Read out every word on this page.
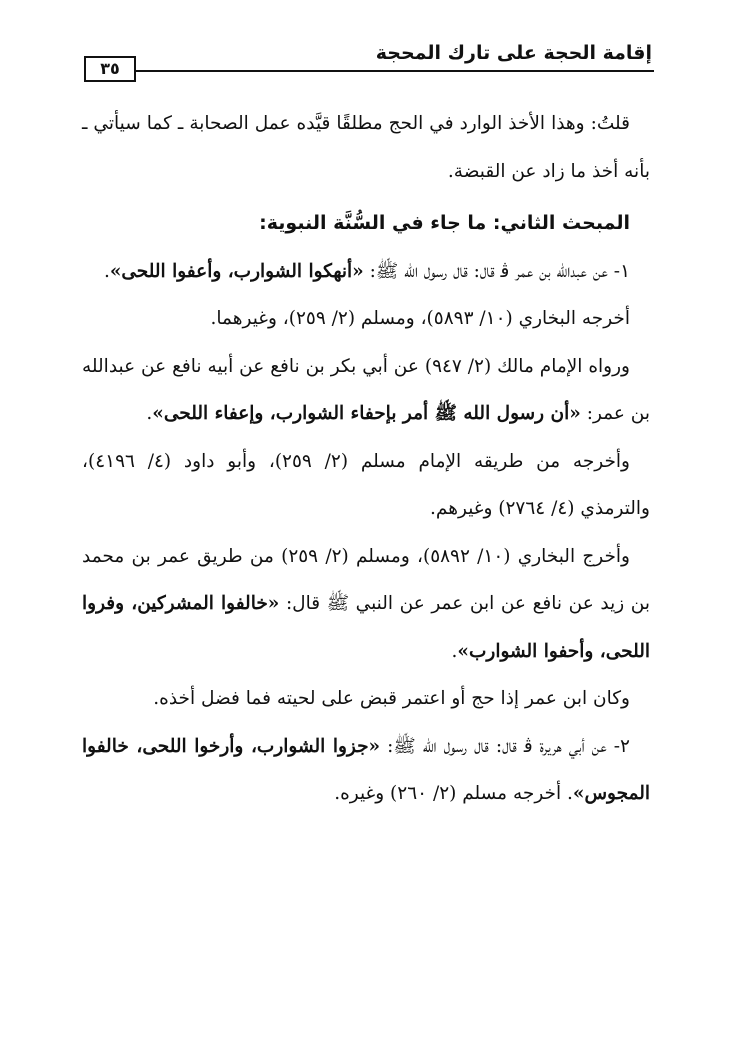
إقامة الحجة على تارك المحجة
٣٥

قلتُ: وهذا الأخذ الوارد في الحج مطلقًا قيَّده عمل الصحابة ـ كما سيأتي ـ بأنه أخذ ما زاد عن القبضة.

المبحث الثاني: ما جاء في السُّنَّة النبوية:

١- عن عبدالله بن عمر ﭬ قال: قال رسول الله ﷺ: «أنهكوا الشوارب، وأعفوا اللحى».

أخرجه البخاري (١٠/ ٥٨٩٣)، ومسلم (٢/ ٢٥٩)، وغيرهما.

ورواه الإمام مالك (٢/ ٩٤٧) عن أبي بكر بن نافع عن أبيه نافع عن عبدالله بن عمر: «أن رسول الله ﷺ أمر بإحفاء الشوارب، وإعفاء اللحى».

وأخرجه من طريقه الإمام مسلم (٢/ ٢٥٩)، وأبو داود (٤/ ٤١٩٦)، والترمذي (٤/ ٢٧٦٤) وغيرهم.

وأخرج البخاري (١٠/ ٥٨٩٢)، ومسلم (٢/ ٢٥٩) من طريق عمر بن محمد بن زيد عن نافع عن ابن عمر عن النبي ﷺ قال: «خالفوا المشركين، وفروا اللحى، وأحفوا الشوارب».

وكان ابن عمر إذا حج أو اعتمر قبض على لحيته فما فضل أخذه.

٢- عن أبي هريرة ﭬ قال: قال رسول الله ﷺ: «جزوا الشوارب، وأرخوا اللحى، خالفوا المجوس». أخرجه مسلم (٢/ ٢٦٠) وغيره.
